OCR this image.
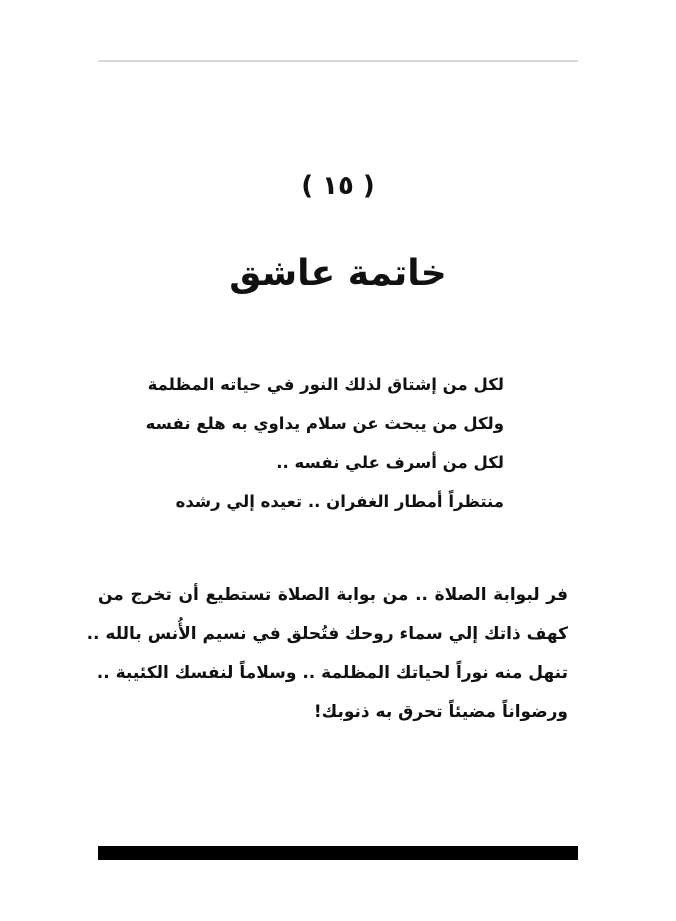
( ١٥ )
خاتمة عاشق
لكل من إشتاق لذلك النور في حياته المظلمة
ولكل من يبحث عن سلام يداوي به هلع نفسه
لكل من أسرف علي نفسه ..
منتظراً أمطار الغفران .. تعيده إلي رشده
فر لبوابة الصلاة .. من بوابة الصلاة تستطيع أن تخرج من
كهف ذاتك إلي سماء روحك فتُحلق في نسيم الأُنس بالله ..
تنهل منه نوراً لحياتك المظلمة .. وسلاماً لنفسك الكئيبة ..
ورضواناً مضيئاً تحرق به ذنوبك!
